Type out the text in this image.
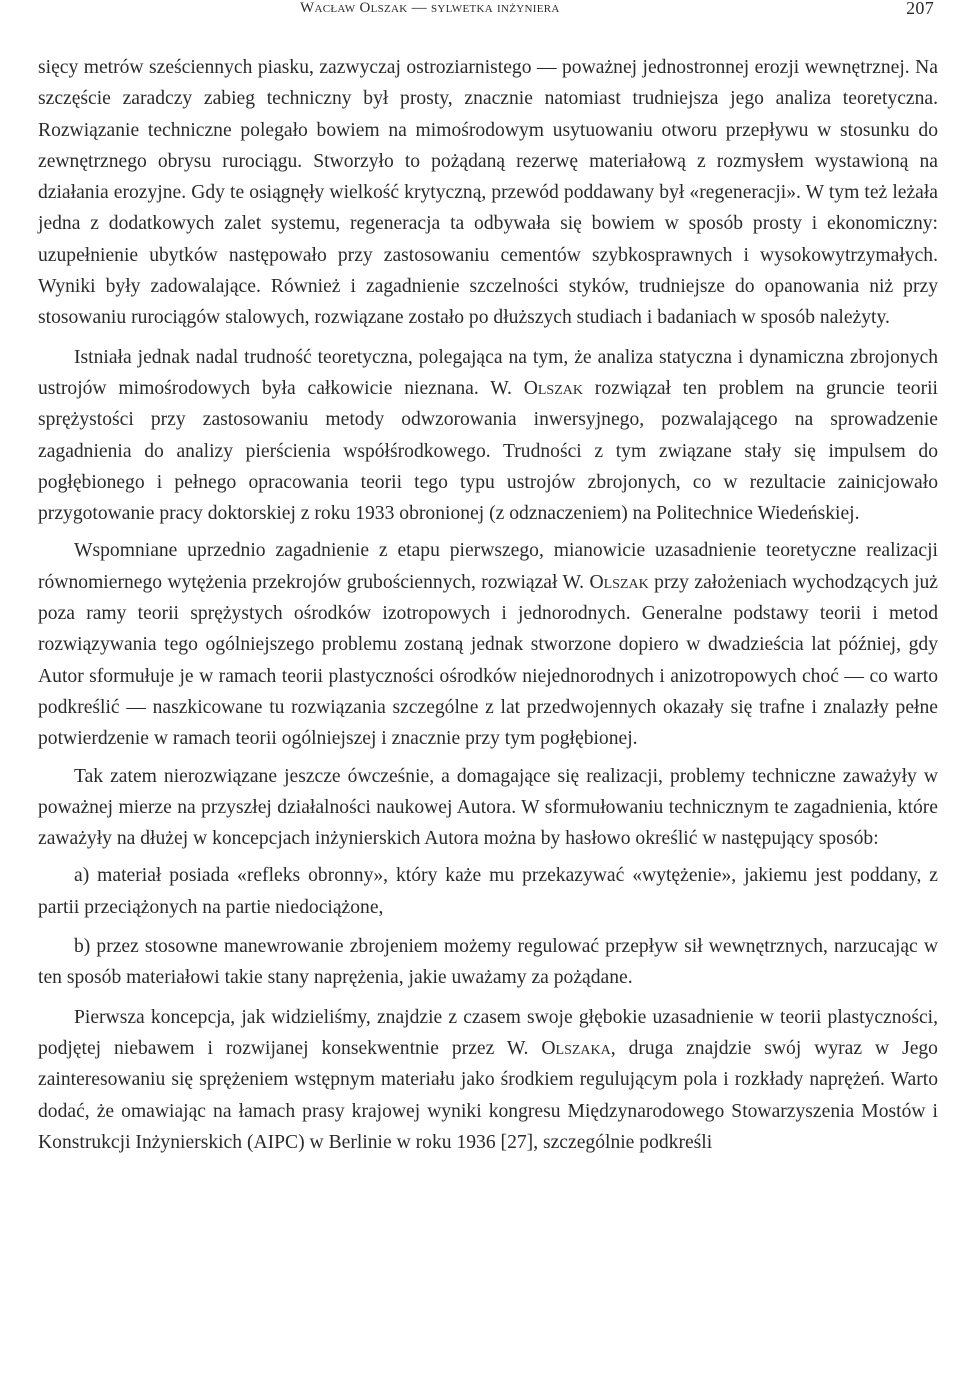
Wacław Olszak — sylwetka inżyniera	207

sięcy metrów sześciennych piasku, zazwyczaj ostroziarnistego — poważnej jednostronnej erozji wewnętrznej. Na szczęście zaradczy zabieg techniczny był prosty, znacznie natomiast trudniejsza jego analiza teoretyczna. Rozwiązanie techniczne polegało bowiem na mimośrodowym usytuowaniu otworu przepływu w stosunku do zewnętrznego obrysu rurociągu. Stworzyło to pożądaną rezerwę materiałową z rozmysłem wystawioną na działania erozyjne. Gdy te osiągnęły wielkość krytyczną, przewód poddawany był «regeneracji». W tym też leżała jedna z dodatkowych zalet systemu, regeneracja ta odbywała się bowiem w sposób prosty i ekonomiczny: uzupełnienie ubytków następowało przy zastosowaniu cementów szybkosprawnych i wysokowytrzymałych. Wyniki były zadowalające. Również i zagadnienie szczelności styków, trudniejsze do opanowania niż przy stosowaniu rurociągów stalowych, rozwiązane zostało po dłuższych studiach i badaniach w sposób należyty.

Istniała jednak nadal trudność teoretyczna, polegająca na tym, że analiza statyczna i dynamiczna zbrojonych ustrojów mimośrodowych była całkowicie nieznana. W. Olszak rozwiązał ten problem na gruncie teorii sprężystości przy zastosowaniu metody odwzorowania inwersyjnego, pozwalającego na sprowadzenie zagadnienia do analizy pierścienia współśrodkowego. Trudności z tym związane stały się impulsem do pogłębionego i pełnego opracowania teorii tego typu ustrojów zbrojonych, co w rezultacie zainicjowało przygotowanie pracy doktorskiej z roku 1933 obronionej (z odznaczeniem) na Politechnice Wiedeńskiej.

Wspomniane uprzednio zagadnienie z etapu pierwszego, mianowicie uzasadnienie teoretyczne realizacji równomiernego wytężenia przekrojów grubościennych, rozwiązał W. Olszak przy założeniach wychodzących już poza ramy teorii sprężystych ośrodków izotropowych i jednorodnych. Generalne podstawy teorii i metod rozwiązywania tego ogólniejszego problemu zostaną jednak stworzone dopiero w dwadzieścia lat później, gdy Autor sformułuje je w ramach teorii plastyczności ośrodków niejednorodnych i anizotropowych choć — co warto podkreślić — naszkicowane tu rozwiązania szczególne z lat przedwojennych okazały się trafne i znalazły pełne potwierdzenie w ramach teorii ogólniejszej i znacznie przy tym pogłębionej.

Tak zatem nierozwiązane jeszcze ówcześnie, a domagające się realizacji, problemy techniczne zaważyły w poważnej mierze na przyszłej działalności naukowej Autora. W sformułowaniu technicznym te zagadnienia, które zaważyły na dłużej w koncepcjach inżynierskich Autora można by hasłowo określić w następujący sposób:

a) materiał posiada «refleks obronny», który każe mu przekazywać «wytężenie», jakiemu jest poddany, z partii przeciążonych na partie niedociążone,

b) przez stosowne manewrowanie zbrojeniem możemy regulować przepływ sił wewnętrznych, narzucając w ten sposób materiałowi takie stany naprężenia, jakie uważamy za pożądane.

Pierwsza koncepcja, jak widzieliśmy, znajdzie z czasem swoje głębokie uzasadnienie w teorii plastyczności, podjętej niebawem i rozwijanej konsekwentnie przez W. Olszaka, druga znajdzie swój wyraz w Jego zainteresowaniu się sprężeniem wstępnym materiału jako środkiem regulującym pola i rozkłady naprężeń. Warto dodać, że omawiając na łamach prasy krajowej wyniki kongresu Międzynarodowego Stowarzyszenia Mostów i Konstrukcji Inżynierskich (AIPC) w Berlinie w roku 1936 [27], szczególnie podkreśli
